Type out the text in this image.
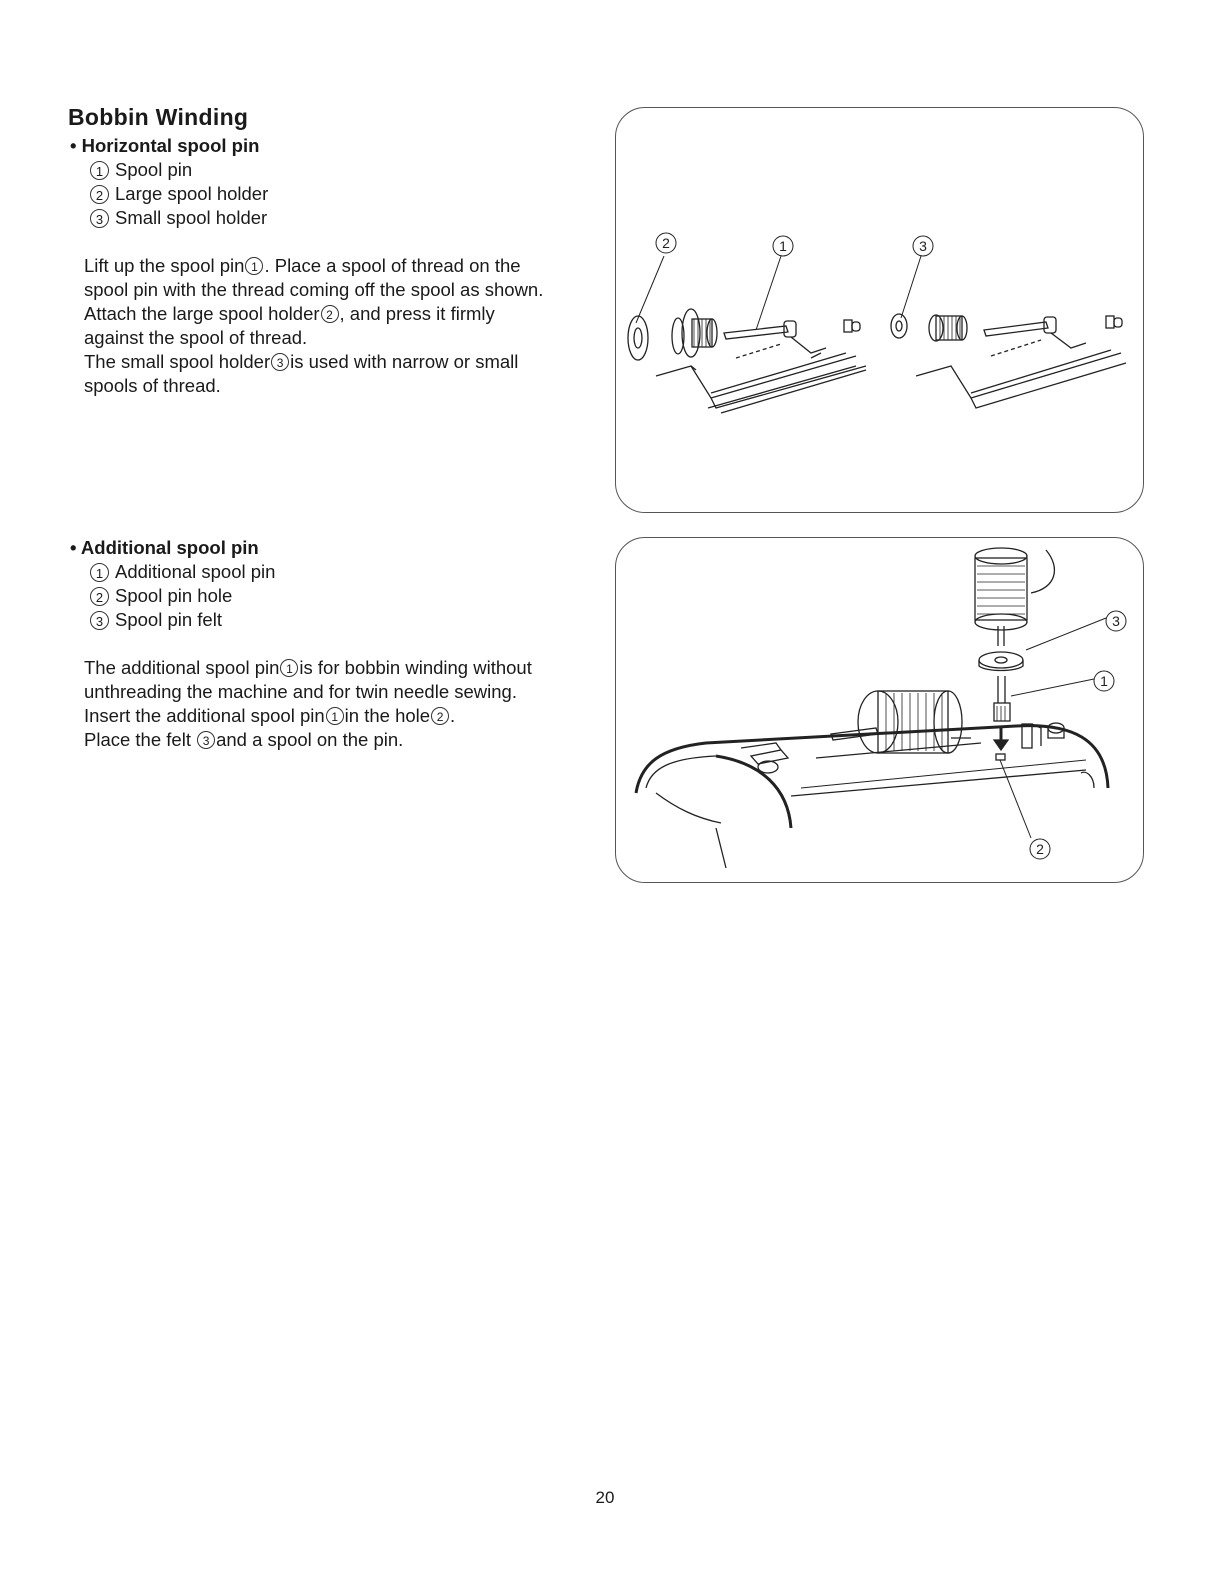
Bobbin Winding
• Horizontal spool pin
1 Spool pin
2 Large spool holder
3 Small spool holder
Lift up the spool pin 1 . Place a spool of thread on the
spool pin with the thread coming off the spool as shown.
Attach the large spool holder 2 , and press it firmly
against the spool of thread.
The small spool holder 3 is used with narrow or small
spools of thread.
2	1	3
• Additional spool pin
1 Additional spool pin
2 Spool pin hole
3 Spool pin felt
The additional spool pin 1 is for bobbin winding without
unthreading the machine and for twin needle sewing.
Insert the additional spool pin 1 in the hole 2 .
Place the felt 3 and a spool on the pin.
3
1
2
20
